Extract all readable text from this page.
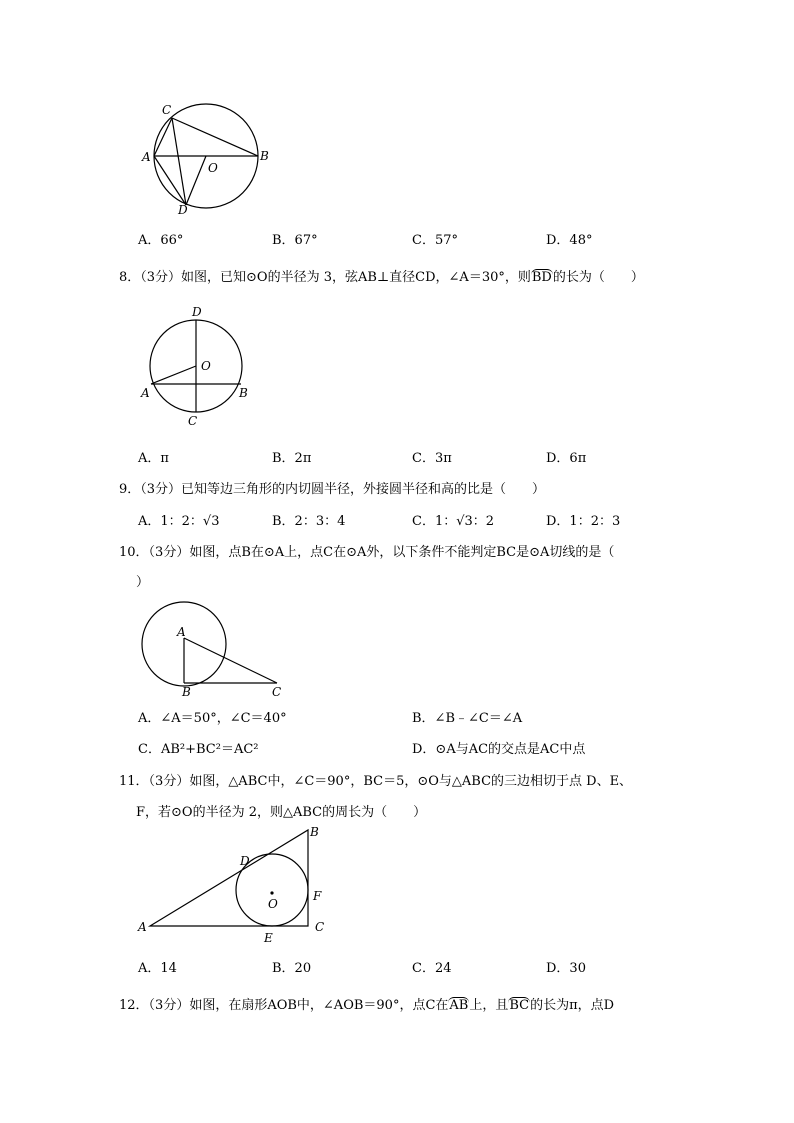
C
A
O
D
B
A．66°	B．67°	C．57°	D．48°
8．（3分）如图，已知⊙O的半径为 3，弦AB⊥直径CD，∠A＝30°，则BD的长为（　　）
D
O
A	B
C
A．π	B．2π	C．3π	D．6π
9．（3分）已知等边三角形的内切圆半径，外接圆半径和高的比是（　　）
A．1：2：√3	B．2：3：4	C．1：√3：2	D．1：2：3
10．（3分）如图，点B在⊙A上，点C在⊙A外，以下条件不能判定BC是⊙A切线的是（
）
A
B	C
A．∠A＝50°，∠C＝40°	B．∠B﹣∠C＝∠A
C．AB²+BC²＝AC²	D．⊙A与AC的交点是AC中点
11．（3分）如图，△ABC中，∠C＝90°，BC＝5，⊙O与△ABC的三边相切于点 D、E、
F，若⊙O的半径为 2，则△ABC的周长为（　　）
B
D
F
O
A
E
C
A．14	B．20	C．24	D．30
12．（3分）如图，在扇形AOB中，∠AOB＝90°，点C在AB上，且BC的长为π，点D
